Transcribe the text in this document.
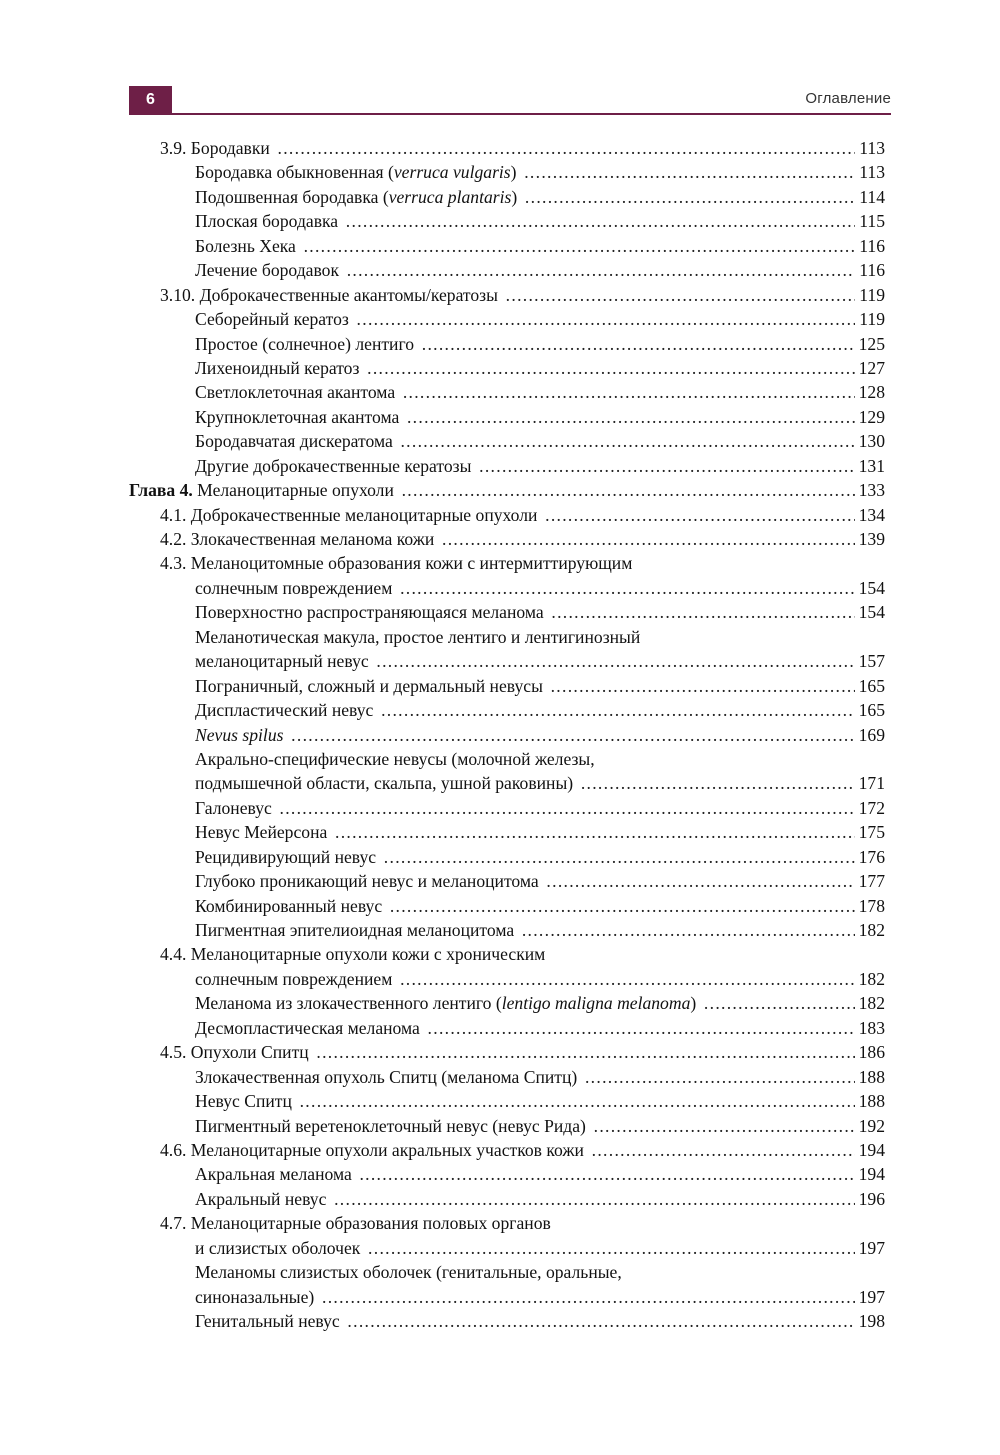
6	Оглавление
3.9. Бородавки .....	113
Бородавка обыкновенная (verruca vulgaris) .....	113
Подошвенная бородавка (verruca plantaris) .....	114
Плоская бородавка .....	115
Болезнь Хека .....	116
Лечение бородавок .....	116
3.10. Доброкачественные акантомы/кератозы .....	119
Себорейный кератоз .....	119
Простое (солнечное) лентиго .....	125
Лихеноидный кератоз .....	127
Светлоклеточная акантома .....	128
Крупноклеточная акантома .....	129
Бородавчатая дискератома .....	130
Другие доброкачественные кератозы .....	131
Глава 4. Меланоцитарные опухоли .....	133
4.1. Доброкачественные меланоцитарные опухоли .....	134
4.2. Злокачественная меланома кожи .....	139
4.3. Меланоцитомные образования кожи с интермиттирующим
солнечным повреждением .....	154
Поверхностно распространяющаяся меланома .....	154
Меланотическая макула, простое лентиго и лентигинозный
меланоцитарный невус .....	157
Пограничный, сложный и дермальный невусы .....	165
Диспластический невус .....	165
Nevus spilus .....	169
Акрально-специфические невусы (молочной железы,
подмышечной области, скальпа, ушной раковины) .....	171
Галоневус .....	172
Невус Мейерсона .....	175
Рецидивирующий невус .....	176
Глубоко проникающий невус и меланоцитома .....	177
Комбинированный невус .....	178
Пигментная эпителиоидная меланоцитома .....	182
4.4. Меланоцитарные опухоли кожи с хроническим
солнечным повреждением .....	182
Меланома из злокачественного лентиго (lentigo maligna melanoma) .....	182
Десмопластическая меланома .....	183
4.5. Опухоли Спитц .....	186
Злокачественная опухоль Спитц (меланома Спитц) .....	188
Невус Спитц .....	188
Пигментный веретеноклеточный невус (невус Рида) .....	192
4.6. Меланоцитарные опухоли акральных участков кожи .....	194
Акральная меланома .....	194
Акральный невус .....	196
4.7. Меланоцитарные образования половых органов
и слизистых оболочек .....	197
Меланомы слизистых оболочек (генитальные, оральные,
синоназальные) .....	197
Генитальный невус .....	198
